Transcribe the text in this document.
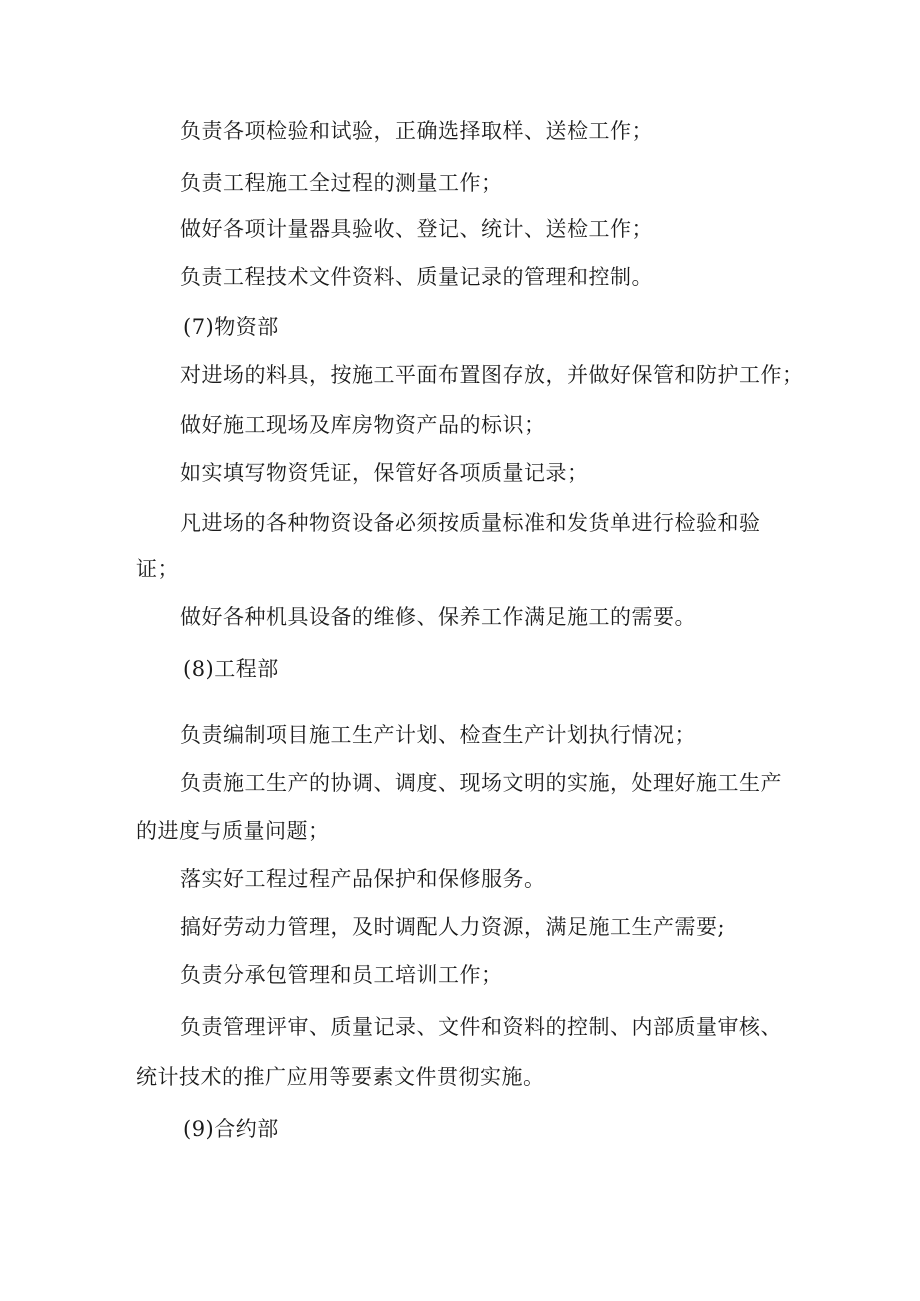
负责各项检验和试验，正确选择取样、送检工作；
负责工程施工全过程的测量工作；
做好各项计量器具验收、登记、统计、送检工作；
负责工程技术文件资料、质量记录的管理和控制。
(7)物资部
对进场的料具，按施工平面布置图存放，并做好保管和防护工作；
做好施工现场及库房物资产品的标识；
如实填写物资凭证，保管好各项质量记录；
凡进场的各种物资设备必须按质量标准和发货单进行检验和验
证；
做好各种机具设备的维修、保养工作满足施工的需要。
(8)工程部
负责编制项目施工生产计划、检查生产计划执行情况；
负责施工生产的协调、调度、现场文明的实施，处理好施工生产
的进度与质量问题；
落实好工程过程产品保护和保修服务。
搞好劳动力管理，及时调配人力资源，满足施工生产需要;
负责分承包管理和员工培训工作；
负责管理评审、质量记录、文件和资料的控制、内部质量审核、
统计技术的推广应用等要素文件贯彻实施。
(9)合约部
